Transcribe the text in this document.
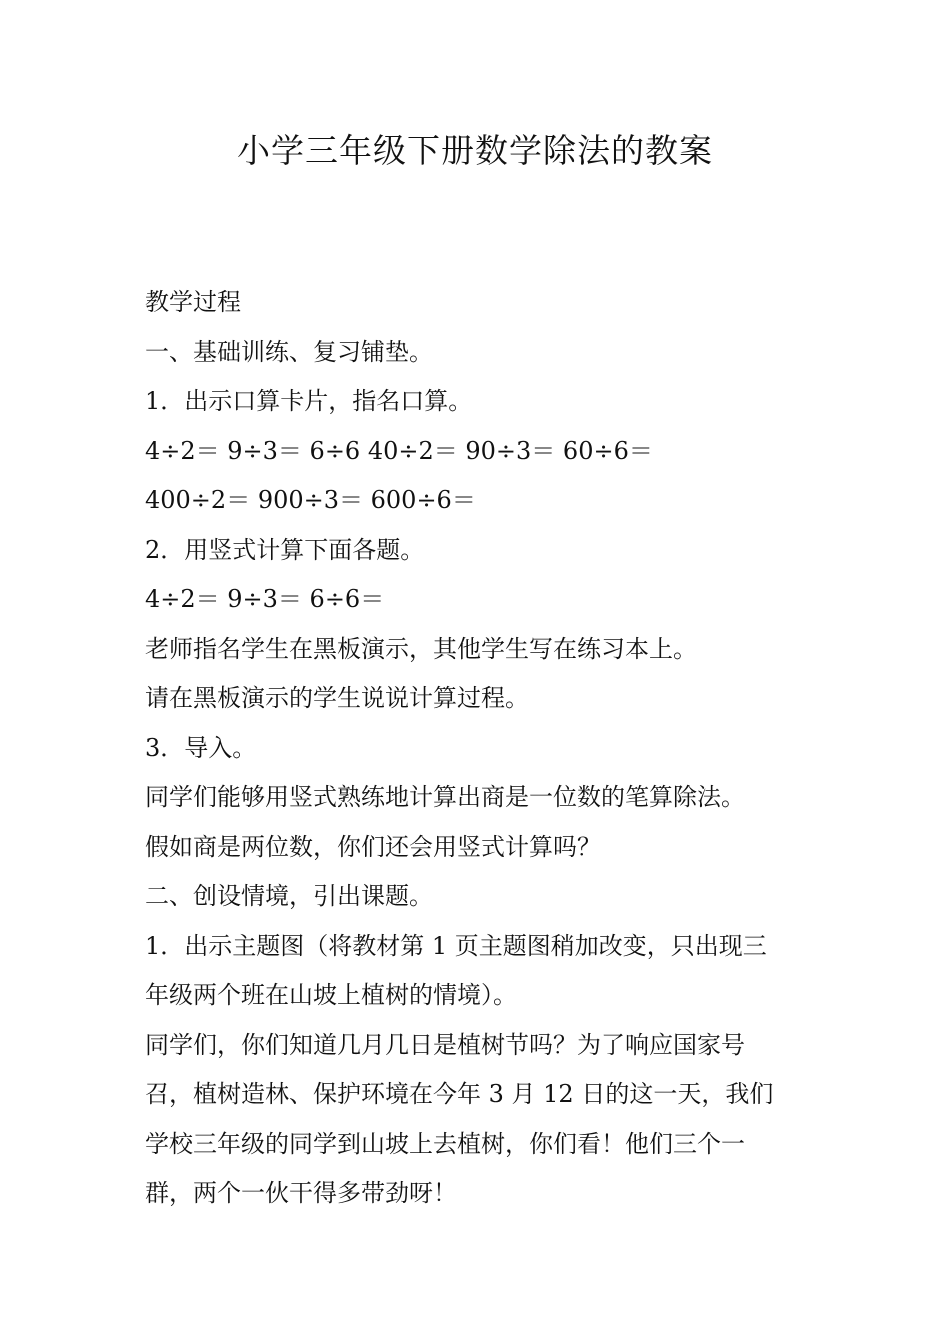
小学三年级下册数学除法的教案

教学过程

一、基础训练、复习铺垫。

1．出示口算卡片，指名口算。

4÷2＝ 9÷3＝ 6÷6 40÷2＝ 90÷3＝ 60÷6＝

400÷2＝ 900÷3＝ 600÷6＝

2．用竖式计算下面各题。

4÷2＝ 9÷3＝ 6÷6＝

老师指名学生在黑板演示，其他学生写在练习本上。

请在黑板演示的学生说说计算过程。

3．导入。

同学们能够用竖式熟练地计算出商是一位数的笔算除法。

假如商是两位数，你们还会用竖式计算吗？

二、创设情境，引出课题。

1．出示主题图（将教材第 1 页主题图稍加改变，只出现三

年级两个班在山坡上植树的情境）。

同学们，你们知道几月几日是植树节吗？为了响应国家号

召，植树造林、保护环境在今年 3 月 12 日的这一天，我们

学校三年级的同学到山坡上去植树，你们看！他们三个一

群，两个一伙干得多带劲呀！
